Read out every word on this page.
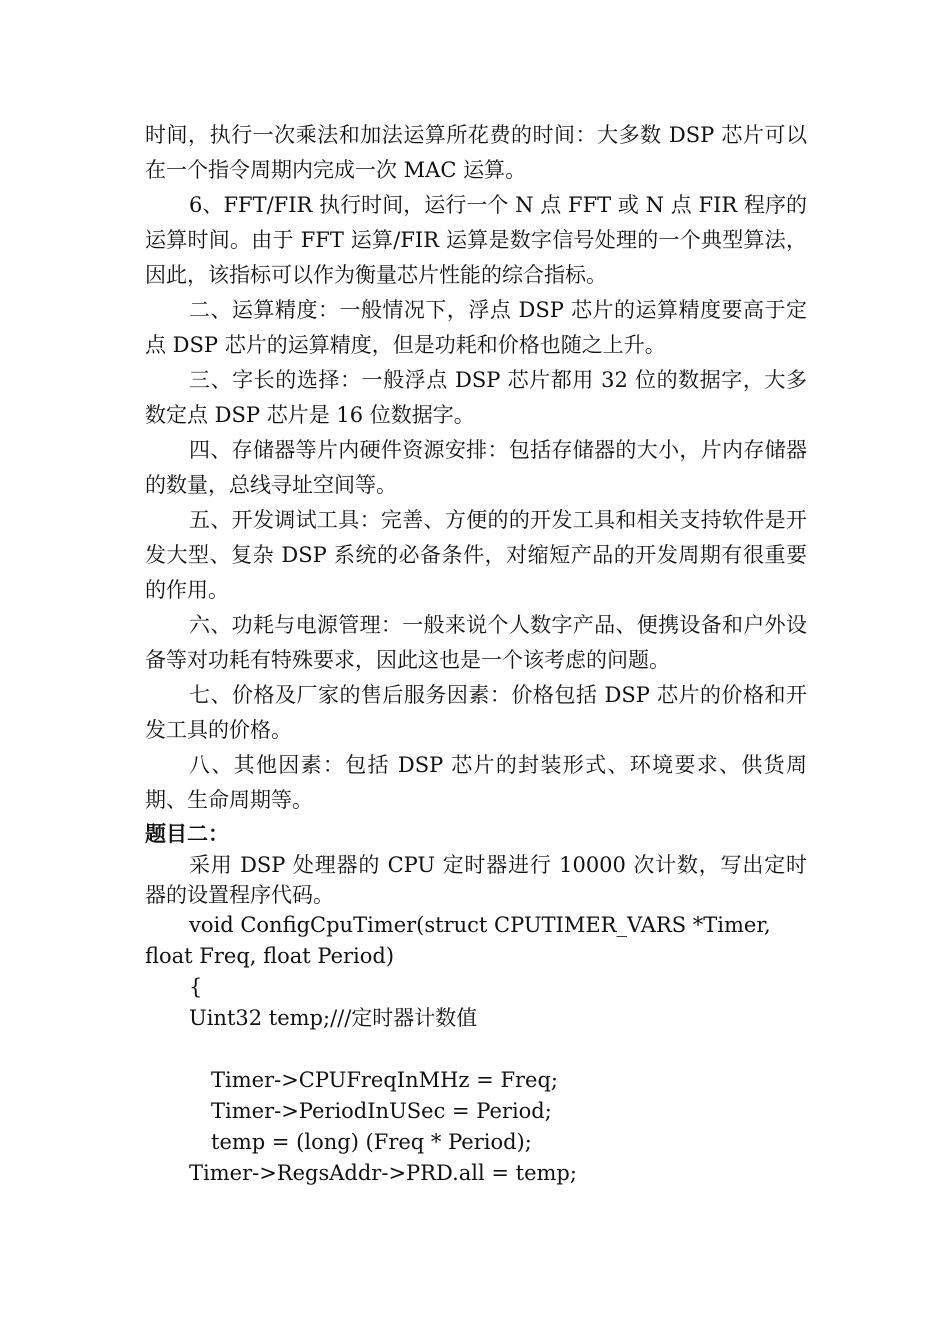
时间，执行一次乘法和加法运算所花费的时间：大多数 DSP 芯片可以在一个指令周期内完成一次 MAC 运算。

6、FFT/FIR 执行时间，运行一个 N 点 FFT 或 N 点 FIR 程序的运算时间。由于 FFT 运算/FIR 运算是数字信号处理的一个典型算法，因此，该指标可以作为衡量芯片性能的综合指标。

二、运算精度：一般情况下，浮点 DSP 芯片的运算精度要高于定点 DSP 芯片的运算精度，但是功耗和价格也随之上升。

三、字长的选择：一般浮点 DSP 芯片都用 32 位的数据字，大多数定点 DSP 芯片是 16 位数据字。

四、存储器等片内硬件资源安排：包括存储器的大小，片内存储器的数量，总线寻址空间等。

五、开发调试工具：完善、方便的的开发工具和相关支持软件是开发大型、复杂 DSP 系统的必备条件，对缩短产品的开发周期有很重要的作用。

六、功耗与电源管理：一般来说个人数字产品、便携设备和户外设备等对功耗有特殊要求，因此这也是一个该考虑的问题。

七、价格及厂家的售后服务因素：价格包括 DSP 芯片的价格和开发工具的价格。

八、其他因素：包括 DSP 芯片的封装形式、环境要求、供货周期、生命周期等。

题目二：

采用 DSP 处理器的 CPU 定时器进行 10000 次计数，写出定时器的设置程序代码。

void ConfigCpuTimer(struct CPUTIMER_VARS *Timer, float Freq, float Period)

{

Uint32 temp;///定时器计数值

Timer->CPUFreqInMHz = Freq;

Timer->PeriodInUSec = Period;

temp = (long) (Freq * Period);

Timer->RegsAddr->PRD.all = temp;
